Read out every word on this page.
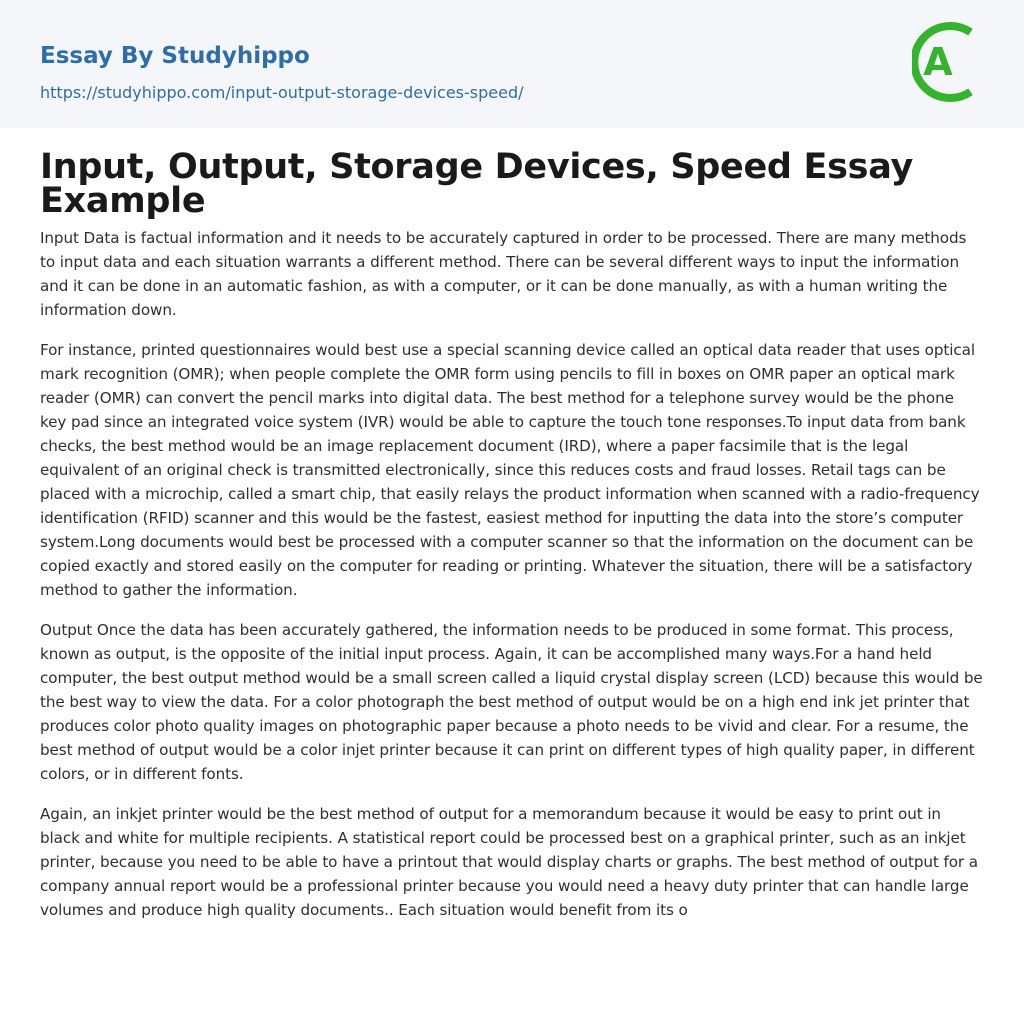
Essay By Studyhippo
https://studyhippo.com/input-output-storage-devices-speed/
A
Input, Output, Storage Devices, Speed Essay Example

Input Data is factual information and it needs to be accurately captured in order to be processed. There are many methods to input data and each situation warrants a different method. There can be several different ways to input the information and it can be done in an automatic fashion, as with a computer, or it can be done manually, as with a human writing the information down.

For instance, printed questionnaires would best use a special scanning device called an optical data reader that uses optical mark recognition (OMR); when people complete the OMR form using pencils to fill in boxes on OMR paper an optical mark reader (OMR) can convert the pencil marks into digital data. The best method for a telephone survey would be the phone key pad since an integrated voice system (IVR) would be able to capture the touch tone responses.To input data from bank checks, the best method would be an image replacement document (IRD), where a paper facsimile that is the legal equivalent of an original check is transmitted electronically, since this reduces costs and fraud losses. Retail tags can be placed with a microchip, called a smart chip, that easily relays the product information when scanned with a radio-frequency identification (RFID) scanner and this would be the fastest, easiest method for inputting the data into the store’s computer system.Long documents would best be processed with a computer scanner so that the information on the document can be copied exactly and stored easily on the computer for reading or printing. Whatever the situation, there will be a satisfactory method to gather the information.

Output Once the data has been accurately gathered, the information needs to be produced in some format. This process, known as output, is the opposite of the initial input process. Again, it can be accomplished many ways.For a hand held computer, the best output method would be a small screen called a liquid crystal display screen (LCD) because this would be the best way to view the data. For a color photograph the best method of output would be on a high end ink jet printer that produces color photo quality images on photographic paper because a photo needs to be vivid and clear. For a resume, the best method of output would be a color injet printer because it can print on different types of high quality paper, in different colors, or in different fonts.

Again, an inkjet printer would be the best method of output for a memorandum because it would be easy to print out in black and white for multiple recipients. A statistical report could be processed best on a graphical printer, such as an inkjet printer, because you need to be able to have a printout that would display charts or graphs. The best method of output for a company annual report would be a professional printer because you would need a heavy duty printer that can handle large volumes and produce high quality documents.. Each situation would benefit from its o
